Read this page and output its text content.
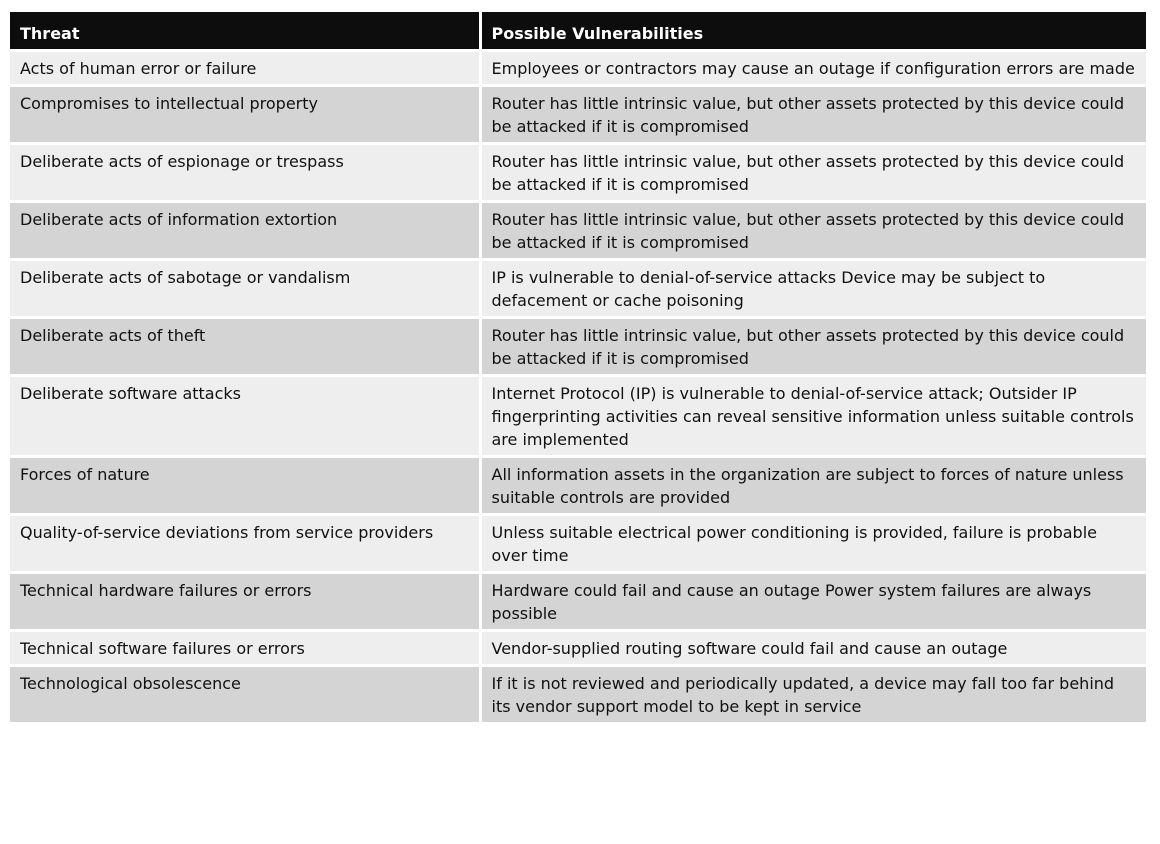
Threat	Possible Vulnerabilities
Acts of human error or failure	Employees or contractors may cause an outage if configuration errors are made
Compromises to intellectual property	Router has little intrinsic value, but other assets protected by this device could be attacked if it is compromised
Deliberate acts of espionage or trespass	Router has little intrinsic value, but other assets protected by this device could be attacked if it is compromised
Deliberate acts of information extortion	Router has little intrinsic value, but other assets protected by this device could be attacked if it is compromised
Deliberate acts of sabotage or vandalism	IP is vulnerable to denial-of-service attacks Device may be subject to defacement or cache poisoning
Deliberate acts of theft	Router has little intrinsic value, but other assets protected by this device could be attacked if it is compromised
Deliberate software attacks	Internet Protocol (IP) is vulnerable to denial-of-service attack; Outsider IP fingerprinting activities can reveal sensitive information unless suitable controls are implemented
Forces of nature	All information assets in the organization are subject to forces of nature unless suitable controls are provided
Quality-of-service deviations from service providers	Unless suitable electrical power conditioning is provided, failure is probable over time
Technical hardware failures or errors	Hardware could fail and cause an outage Power system failures are always possible
Technical software failures or errors	Vendor-supplied routing software could fail and cause an outage
Technological obsolescence	If it is not reviewed and periodically updated, a device may fall too far behind its vendor support model to be kept in service
